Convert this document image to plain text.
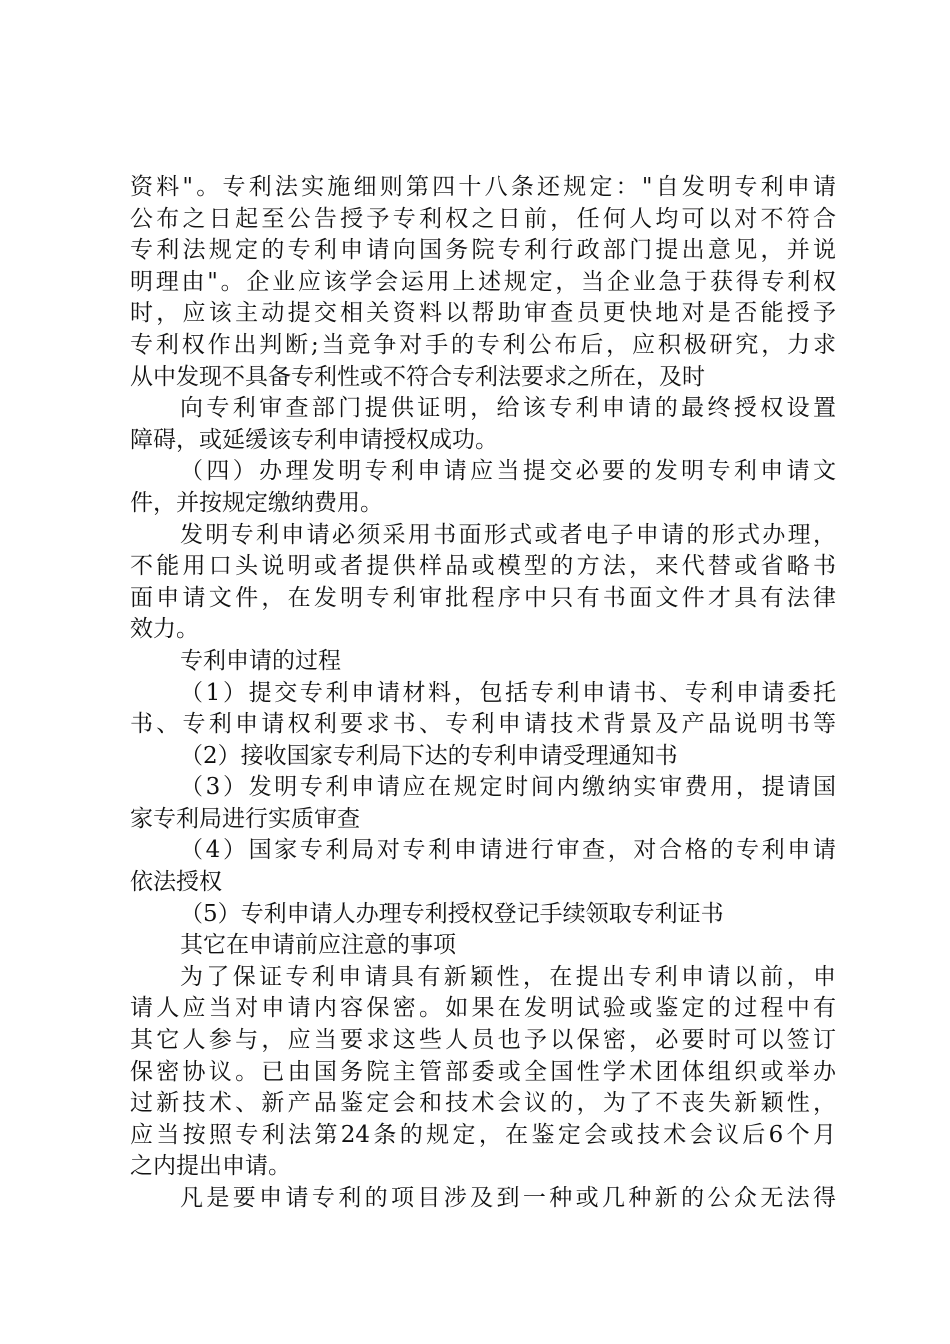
资料"。专利法实施细则第四十八条还规定："自发明专利申请
公布之日起至公告授予专利权之日前，任何人均可以对不符合
专利法规定的专利申请向国务院专利行政部门提出意见，并说
明理由"。企业应该学会运用上述规定，当企业急于获得专利权
时，应该主动提交相关资料以帮助审查员更快地对是否能授予
专利权作出判断;当竞争对手的专利公布后，应积极研究，力求
从中发现不具备专利性或不符合专利法要求之所在，及时
向专利审查部门提供证明，给该专利申请的最终授权设置
障碍，或延缓该专利申请授权成功。
（四）办理发明专利申请应当提交必要的发明专利申请文
件，并按规定缴纳费用。
发明专利申请必须采用书面形式或者电子申请的形式办理，
不能用口头说明或者提供样品或模型的方法，来代替或省略书
面申请文件，在发明专利审批程序中只有书面文件才具有法律
效力。
专利申请的过程
（1）提交专利申请材料，包括专利申请书、专利申请委托
书、专利申请权利要求书、专利申请技术背景及产品说明书等
（2）接收国家专利局下达的专利申请受理通知书
（3）发明专利申请应在规定时间内缴纳实审费用，提请国
家专利局进行实质审查
（4）国家专利局对专利申请进行审查，对合格的专利申请
依法授权
（5）专利申请人办理专利授权登记手续领取专利证书
其它在申请前应注意的事项
为了保证专利申请具有新颖性，在提出专利申请以前，申
请人应当对申请内容保密。如果在发明试验或鉴定的过程中有
其它人参与，应当要求这些人员也予以保密，必要时可以签订
保密协议。已由国务院主管部委或全国性学术团体组织或举办
过新技术、新产品鉴定会和技术会议的，为了不丧失新颖性，
应当按照专利法第24条的规定，在鉴定会或技术会议后6个月
之内提出申请。
凡是要申请专利的项目涉及到一种或几种新的公众无法得
